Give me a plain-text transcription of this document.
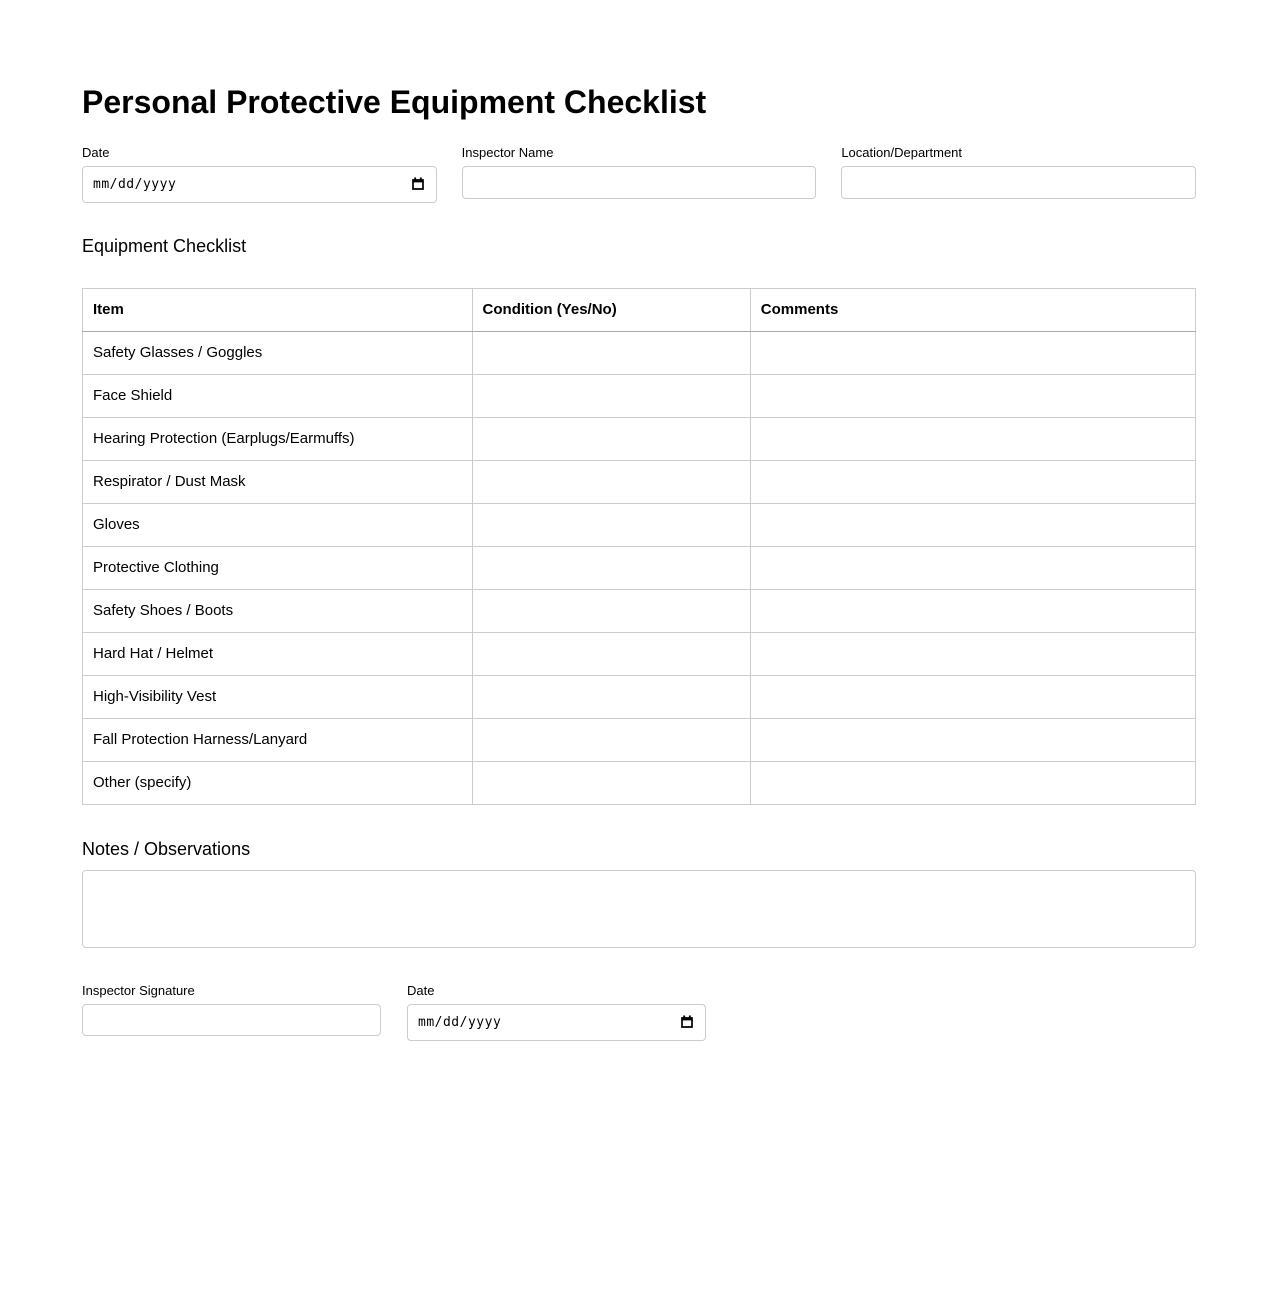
Personal Protective Equipment Checklist
Date
mm/dd/yyyy
Inspector Name	Location/Department
Equipment Checklist
Item	Condition (Yes/No)	Comments
Safety Glasses / Goggles		
Face Shield		
Hearing Protection (Earplugs/Earmuffs)		
Respirator / Dust Mask		
Gloves		
Protective Clothing		
Safety Shoes / Boots		
Hard Hat / Helmet		
High-Visibility Vest		
Fall Protection Harness/Lanyard		
Other (specify)		
Notes / Observations
Inspector Signature	Date
mm/dd/yyyy
